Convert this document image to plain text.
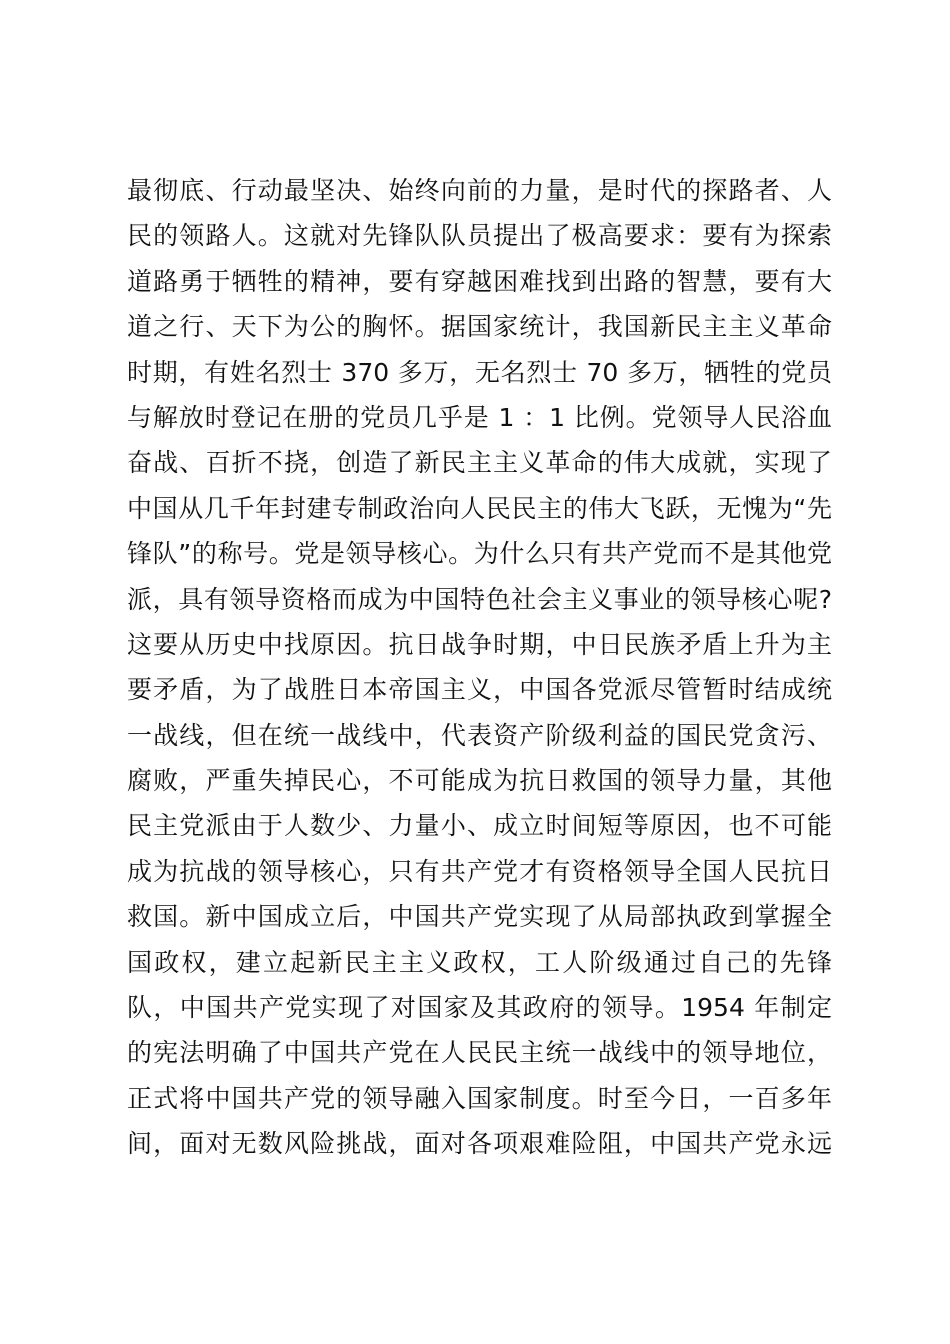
最彻底、行动最坚决、始终向前的力量，是时代的探路者、人
民的领路人。这就对先锋队队员提出了极高要求：要有为探索
道路勇于牺牲的精神，要有穿越困难找到出路的智慧，要有大
道之行、天下为公的胸怀。据国家统计，我国新民主主义革命
时期，有姓名烈士 370 多万，无名烈士 70 多万，牺牲的党员
与解放时登记在册的党员几乎是 1 ：1 比例。党领导人民浴血
奋战、百折不挠，创造了新民主主义革命的伟大成就，实现了
中国从几千年封建专制政治向人民民主的伟大飞跃，无愧为“先
锋队”的称号。党是领导核心。为什么只有共产党而不是其他党
派，具有领导资格而成为中国特色社会主义事业的领导核心呢?
这要从历史中找原因。抗日战争时期，中日民族矛盾上升为主
要矛盾，为了战胜日本帝国主义，中国各党派尽管暂时结成统
一战线，但在统一战线中，代表资产阶级利益的国民党贪污、
腐败，严重失掉民心，不可能成为抗日救国的领导力量，其他
民主党派由于人数少、力量小、成立时间短等原因，也不可能
成为抗战的领导核心，只有共产党才有资格领导全国人民抗日
救国。新中国成立后，中国共产党实现了从局部执政到掌握全
国政权，建立起新民主主义政权，工人阶级通过自己的先锋
队，中国共产党实现了对国家及其政府的领导。1954 年制定
的宪法明确了中国共产党在人民民主统一战线中的领导地位，
正式将中国共产党的领导融入国家制度。时至今日，一百多年
间，面对无数风险挑战，面对各项艰难险阻，中国共产党永远
